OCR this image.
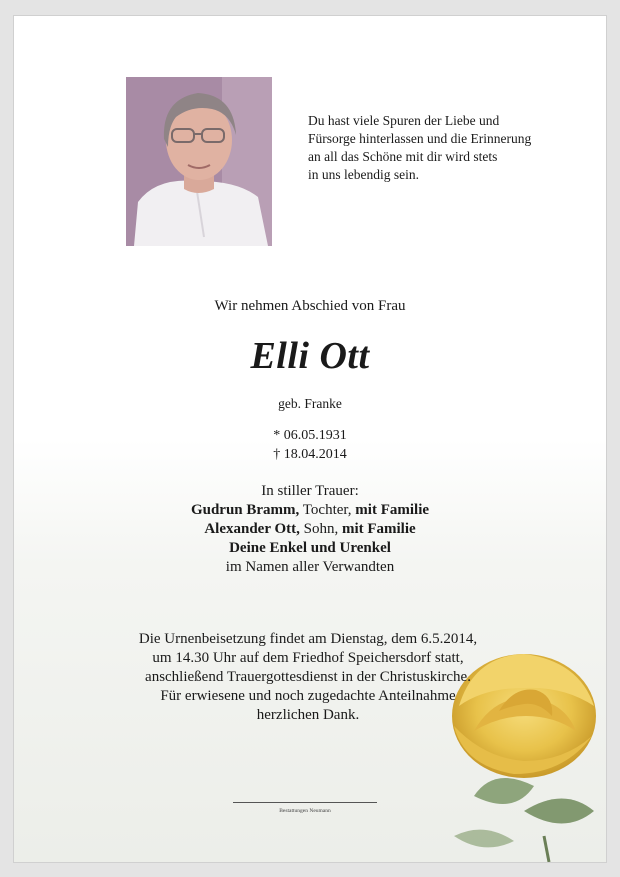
Du hast viele Spuren der Liebe und
Fürsorge hinterlassen und die Erinnerung
an all das Schöne mit dir wird stets
in uns lebendig sein.
Wir nehmen Abschied von Frau
Elli Ott
geb. Franke
* 06.05.1931
† 18.04.2014
In stiller Trauer:
Gudrun Bramm, Tochter, mit Familie
Alexander Ott, Sohn, mit Familie
Deine Enkel und Urenkel
im Namen aller Verwandten
Die Urnenbeisetzung findet am Dienstag, dem 6.5.2014,
um 14.30 Uhr auf dem Friedhof Speichersdorf statt,
anschließend Trauergottesdienst in der Christuskirche.
Für erwiesene und noch zugedachte Anteilnahme
herzlichen Dank.
Bestattungen Neumann
